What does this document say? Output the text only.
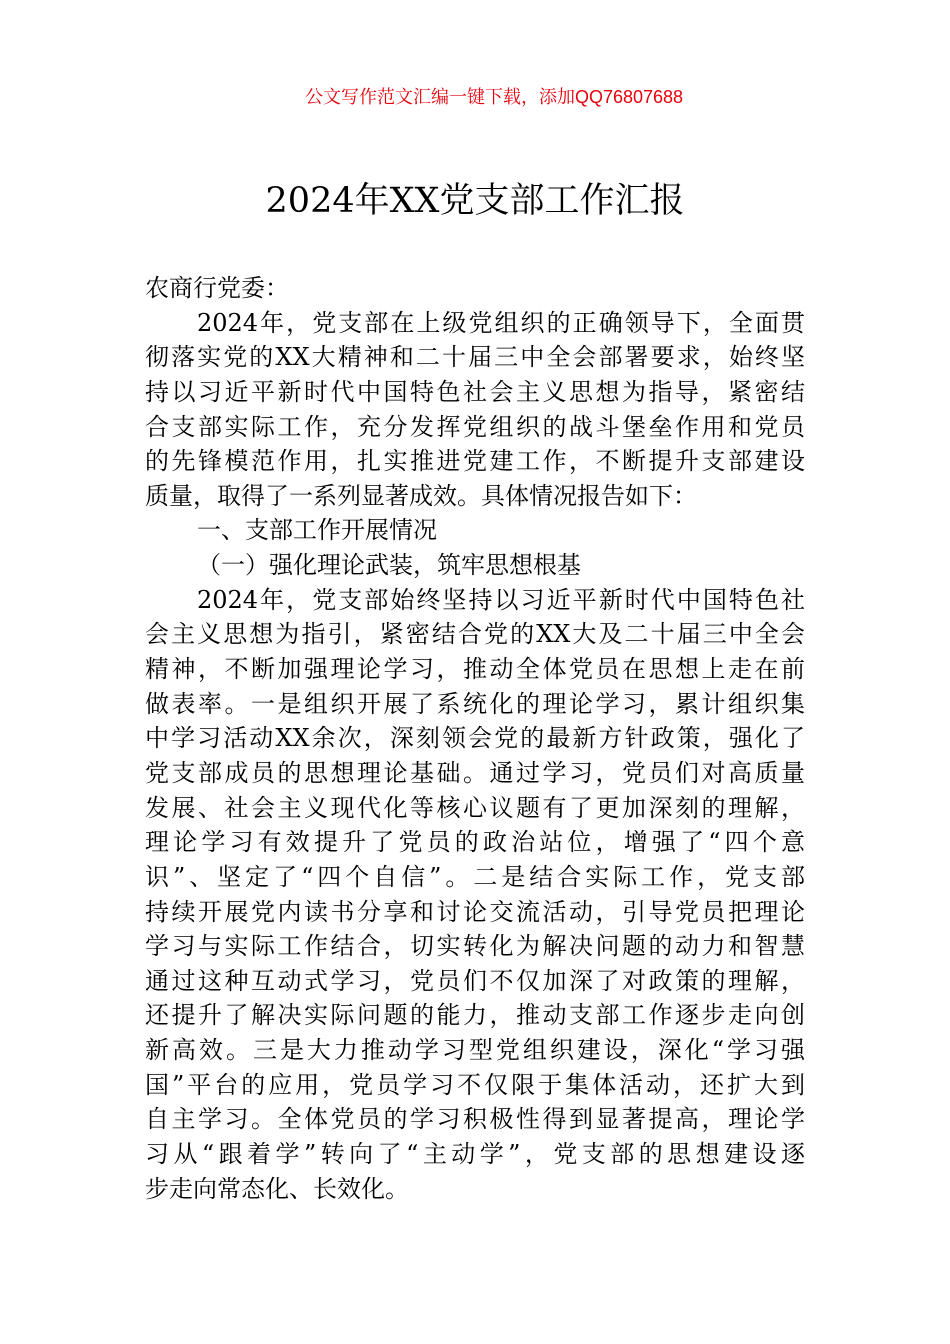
公文写作范文汇编一键下载，添加QQ76807688
2024年XX党支部工作汇报
农商行党委：
2024年，党支部在上级党组织的正确领导下，全面贯
彻落实党的XX大精神和二十届三中全会部署要求，始终坚
持以习近平新时代中国特色社会主义思想为指导，紧密结
合支部实际工作，充分发挥党组织的战斗堡垒作用和党员
的先锋模范作用，扎实推进党建工作，不断提升支部建设
质量，取得了一系列显著成效。具体情况报告如下：
一、支部工作开展情况
（一）强化理论武装，筑牢思想根基
2024年，党支部始终坚持以习近平新时代中国特色社
会主义思想为指引，紧密结合党的XX大及二十届三中全会
精神，不断加强理论学习，推动全体党员在思想上走在前
做表率。一是组织开展了系统化的理论学习，累计组织集
中学习活动XX余次，深刻领会党的最新方针政策，强化了
党支部成员的思想理论基础。通过学习，党员们对高质量
发展、社会主义现代化等核心议题有了更加深刻的理解，
理论学习有效提升了党员的政治站位，增强了“四个意
识”、坚定了“四个自信”。二是结合实际工作，党支部
持续开展党内读书分享和讨论交流活动，引导党员把理论
学习与实际工作结合，切实转化为解决问题的动力和智慧
通过这种互动式学习，党员们不仅加深了对政策的理解，
还提升了解决实际问题的能力，推动支部工作逐步走向创
新高效。三是大力推动学习型党组织建设，深化“学习强
国”平台的应用，党员学习不仅限于集体活动，还扩大到
自主学习。全体党员的学习积极性得到显著提高，理论学
习从“跟着学”转向了“主动学”，党支部的思想建设逐
步走向常态化、长效化。
